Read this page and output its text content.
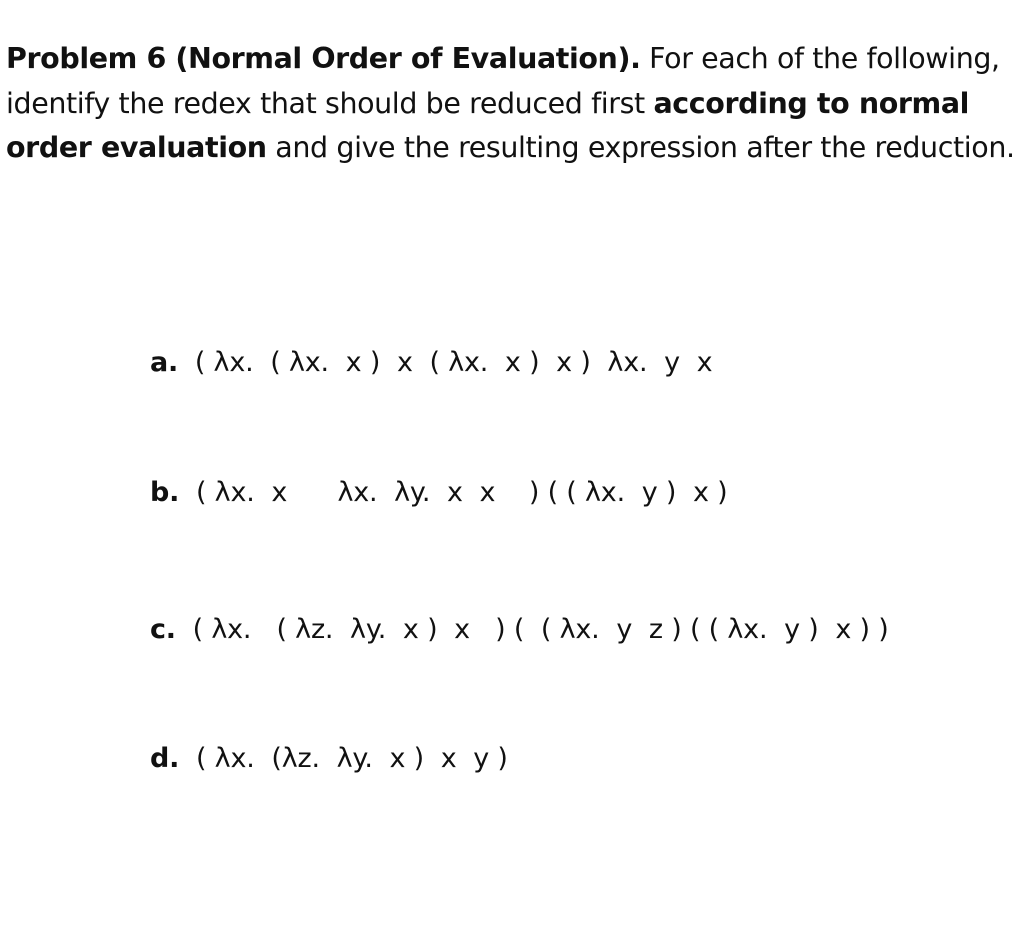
Problem 6 (Normal Order of Evaluation). For each of the following, identify the redex that should be reduced first according to normal order evaluation and give the resulting expression after the reduction.

a.  ( λx.  ( λx.  x )  x  ( λx.  x )  x )  λx.  y  x

b.  ( λx.  x      λx.  λy.  x  x    ) ( ( λx.  y )  x )

c.  ( λx.   ( λz.  λy.  x )  x   ) (  ( λx.  y  z ) ( ( λx.  y )  x ) )

d.  ( λx.  (λz.  λy.  x )  x  y )
